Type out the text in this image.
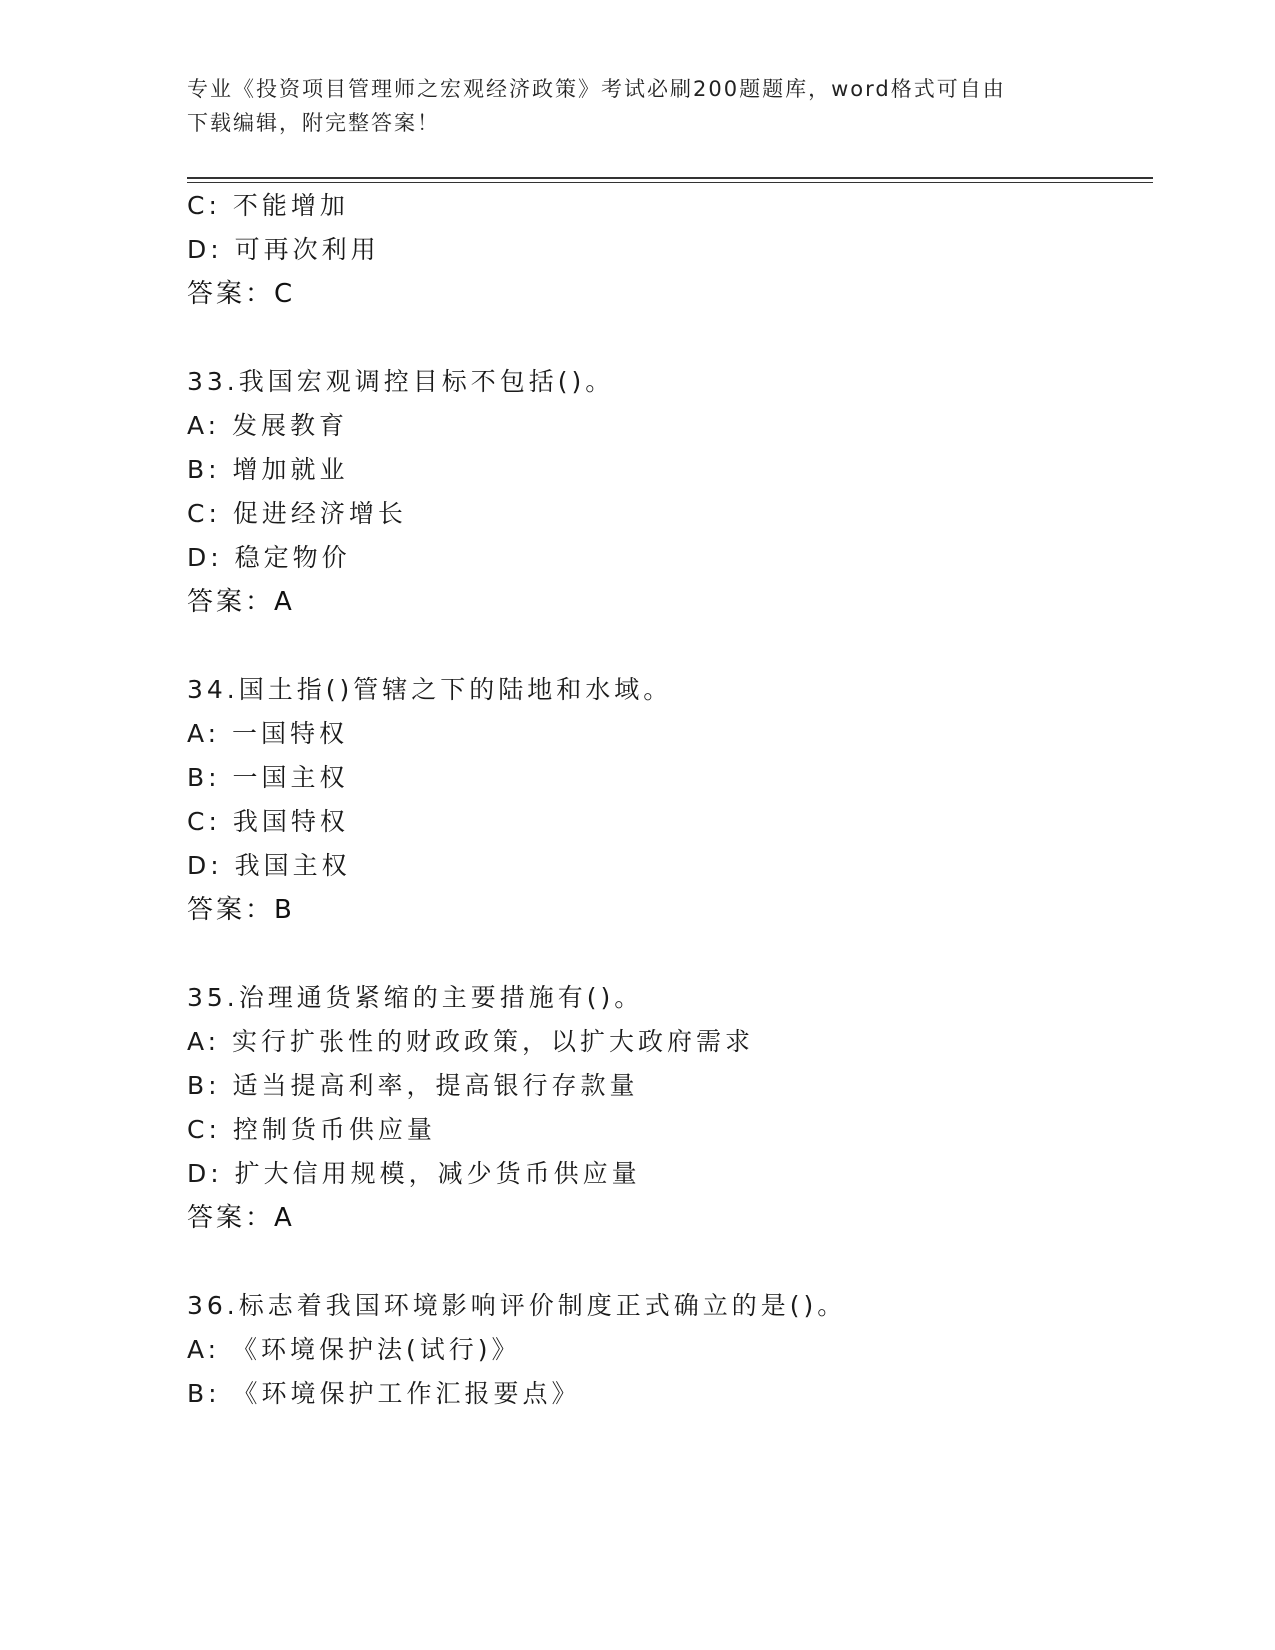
专业《投资项目管理师之宏观经济政策》考试必刷200题题库，word格式可自由
下载编辑，附完整答案！
C: 不能增加
D: 可再次利用
答案：C
33.我国宏观调控目标不包括()。
A: 发展教育
B: 增加就业
C: 促进经济增长
D: 稳定物价
答案：A
34.国土指()管辖之下的陆地和水域。
A: 一国特权
B: 一国主权
C: 我国特权
D: 我国主权
答案：B
35.治理通货紧缩的主要措施有()。
A: 实行扩张性的财政政策，以扩大政府需求
B: 适当提高利率，提高银行存款量
C: 控制货币供应量
D: 扩大信用规模，减少货币供应量
答案：A
36.标志着我国环境影响评价制度正式确立的是()。
A: 《环境保护法(试行)》
B: 《环境保护工作汇报要点》
